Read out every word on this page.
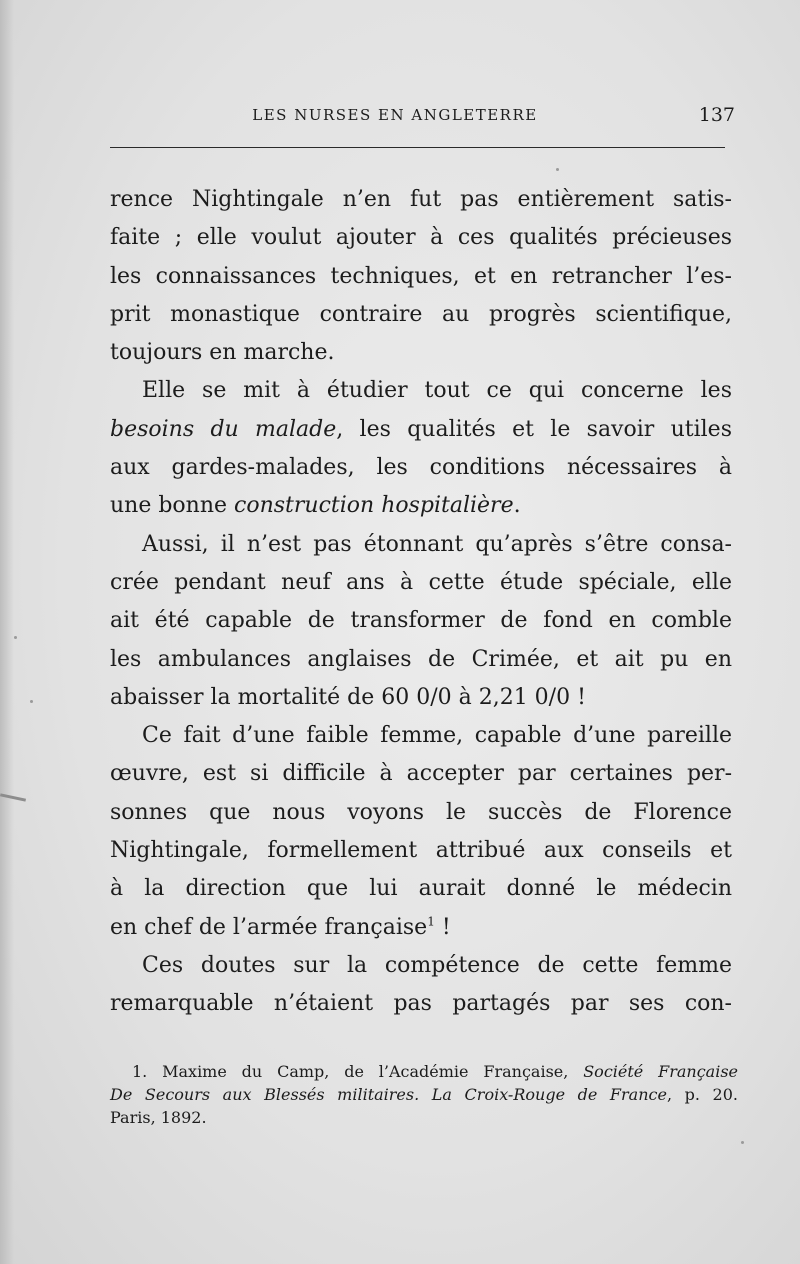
LES NURSES EN ANGLETERRE	137
rence Nightingale n’en fut pas entièrement satis-
faite ; elle voulut ajouter à ces qualités précieuses
les connaissances techniques, et en retrancher l’es-
prit monastique contraire au progrès scientifique,
toujours en marche.
Elle se mit à étudier tout ce qui concerne les
besoins du malade, les qualités et le savoir utiles
aux gardes-malades, les conditions nécessaires à
une bonne construction hospitalière.
Aussi, il n’est pas étonnant qu’après s’être consa-
crée pendant neuf ans à cette étude spéciale, elle
ait été capable de transformer de fond en comble
les ambulances anglaises de Crimée, et ait pu en
abaisser la mortalité de 60 0/0 à 2,21 0/0 !
Ce fait d’une faible femme, capable d’une pareille
œuvre, est si difficile à accepter par certaines per-
sonnes que nous voyons le succès de Florence
Nightingale, formellement attribué aux conseils et
à la direction que lui aurait donné le médecin
en chef de l’armée française$^1$ !
Ces doutes sur la compétence de cette femme
remarquable n’étaient pas partagés par ses con-
1. Maxime du Camp, de l’Académie Française, Société Française
De Secours aux Blessés militaires. La Croix-Rouge de France, p. 20.
Paris, 1892.
